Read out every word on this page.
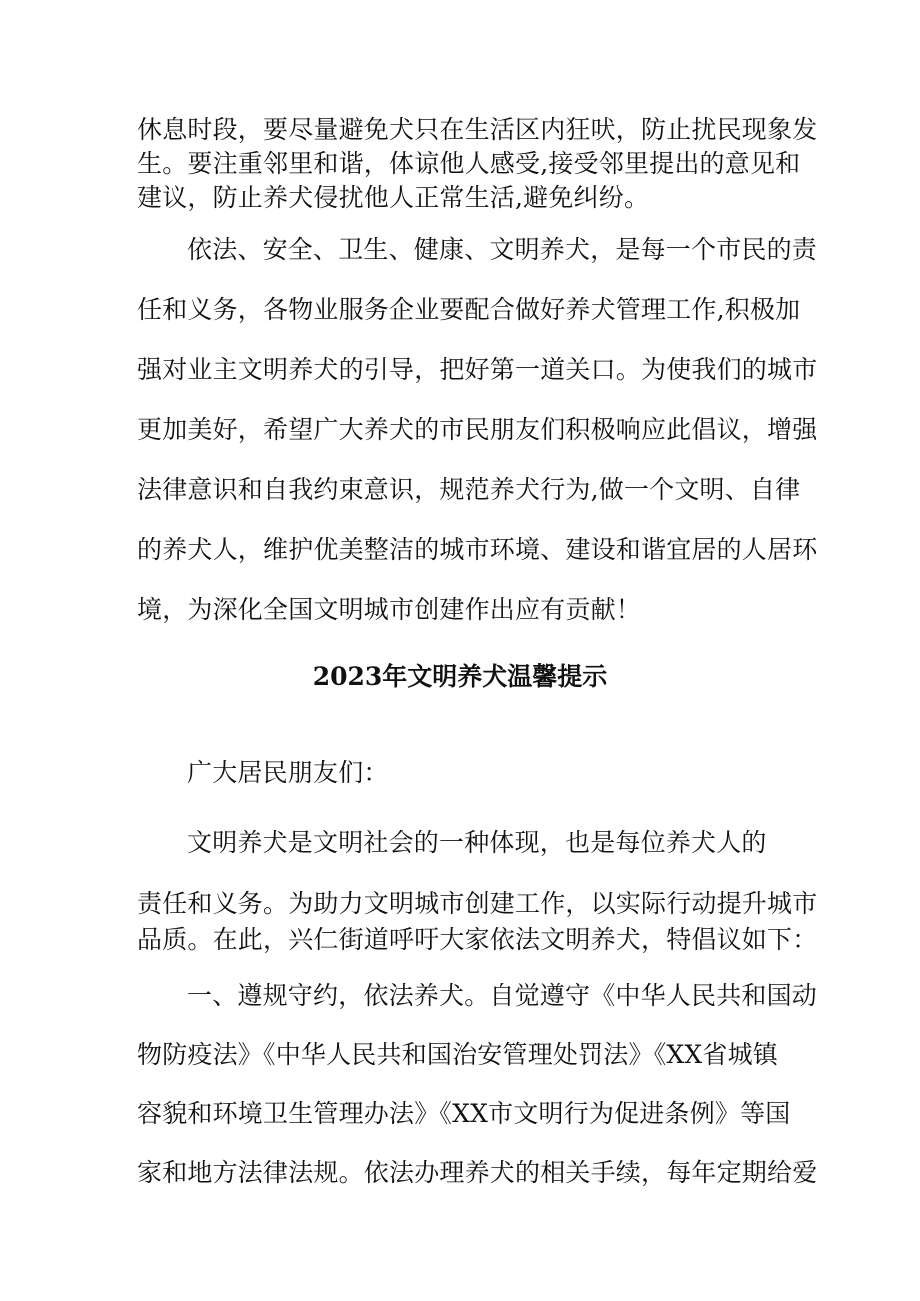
休息时段，要尽量避免犬只在生活区内狂吠，防止扰民现象发
生。要注重邻里和谐，体谅他人感受,接受邻里提出的意见和
建议，防止养犬侵扰他人正常生活,避免纠纷。
依法、安全、卫生、健康、文明养犬，是每一个市民的责
任和义务，各物业服务企业要配合做好养犬管理工作,积极加
强对业主文明养犬的引导，把好第一道关口。为使我们的城市
更加美好，希望广大养犬的市民朋友们积极响应此倡议，增强
法律意识和自我约束意识，规范养犬行为,做一个文明、自律
的养犬人，维护优美整洁的城市环境、建设和谐宜居的人居环
境，为深化全国文明城市创建作出应有贡献！
2023年文明养犬温馨提示
广大居民朋友们：
文明养犬是文明社会的一种体现，也是每位养犬人的
责任和义务。为助力文明城市创建工作，以实际行动提升城市
品质。在此，兴仁街道呼吁大家依法文明养犬，特倡议如下：
一、遵规守约，依法养犬。自觉遵守《中华人民共和国动
物防疫法》《中华人民共和国治安管理处罚法》《XX省城镇
容貌和环境卫生管理办法》《XX市文明行为促进条例》等国
家和地方法律法规。依法办理养犬的相关手续，每年定期给爱
